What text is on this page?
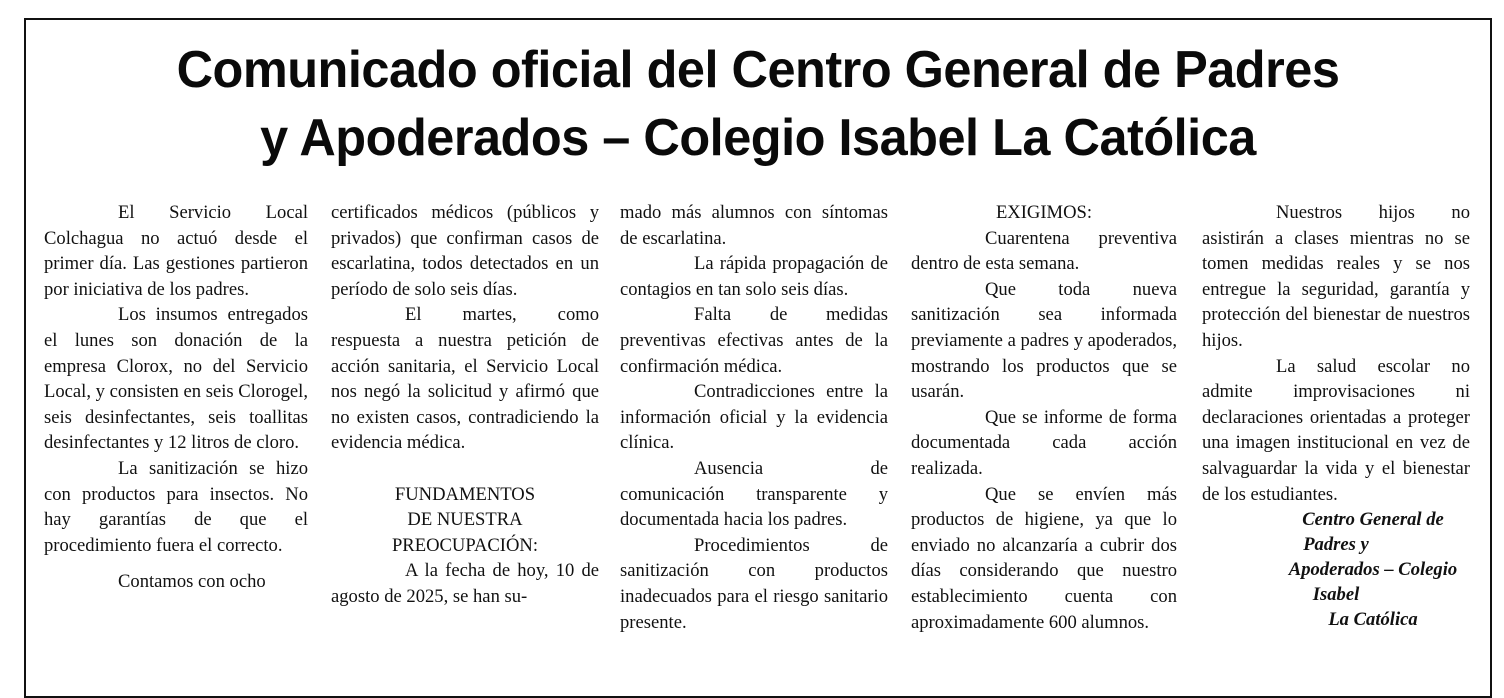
Comunicado oficial del Centro General de Padres
y Apoderados – Colegio Isabel La Católica

El Servicio Local Colchagua no actuó desde el primer día. Las gestiones partieron por iniciativa de los padres.

Los insumos entregados el lunes son donación de la empresa Clorox, no del Servicio Local, y consisten en seis Clorogel, seis desinfectantes, seis toallitas desinfectantes y 12 litros de cloro.

La sanitización se hizo con productos para insectos. No hay garantías de que el procedimiento fuera el correcto.

Contamos con ocho

certificados médicos (públicos y privados) que confirman casos de escarlatina, todos detectados en un período de solo seis días.

El martes, como respuesta a nuestra petición de acción sanitaria, el Servicio Local nos negó la solicitud y afirmó que no existen casos, contradiciendo la evidencia médica.

FUNDAMENTOS

DE NUESTRA

PREOCUPACIÓN:

A la fecha de hoy, 10 de agosto de 2025, se han su-

mado más alumnos con síntomas de escarlatina.

La rápida propagación de contagios en tan solo seis días.

Falta de medidas preventivas efectivas antes de la confirmación médica.

Contradicciones entre la información oficial y la evidencia clínica.

Ausencia de comunicación transparente y documentada hacia los padres.

Procedimientos de sanitización con productos inadecuados para el riesgo sanitario presente.

EXIGIMOS:

Cuarentena preventiva dentro de esta semana.

Que toda nueva sanitización sea informada previamente a padres y apoderados, mostrando los productos que se usarán.

Que se informe de forma documentada cada acción realizada.

Que se envíen más productos de higiene, ya que lo enviado no alcanzaría a cubrir dos días considerando que nuestro establecimiento cuenta con aproximadamente 600 alumnos.

Nuestros hijos no asistirán a clases mientras no se tomen medidas reales y se nos entregue la seguridad, garantía y protección del bienestar de nuestros hijos.

La salud escolar no admite improvisaciones ni declaraciones orientadas a proteger una imagen institucional en vez de salvaguardar la vida y el bienestar de los estudiantes.

Centro General de Padres y
Apoderados – Colegio Isabel
La Católica
